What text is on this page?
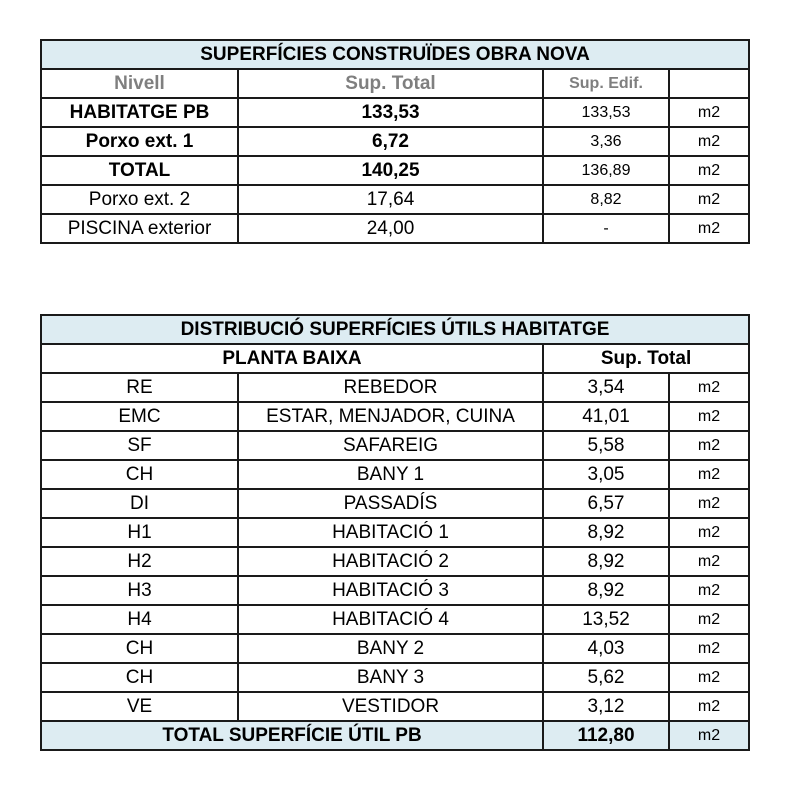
SUPERFÍCIES CONSTRUÏDES OBRA NOVA			
Nivell	Sup. Total	Sup. Edif.	
HABITATGE PB	133,53	133,53	m2
Porxo ext. 1	6,72	3,36	m2
TOTAL	140,25	136,89	m2
Porxo ext. 2	17,64	8,82	m2
PISCINA exterior	24,00	-	m2
DISTRIBUCIÓ SUPERFÍCIES ÚTILS HABITATGE			
PLANTA BAIXA		Sup. Total	
RE	REBEDOR	3,54	m2
EMC	ESTAR, MENJADOR, CUINA	41,01	m2
SF	SAFAREIG	5,58	m2
CH	BANY 1	3,05	m2
DI	PASSADÍS	6,57	m2
H1	HABITACIÓ 1	8,92	m2
H2	HABITACIÓ 2	8,92	m2
H3	HABITACIÓ 3	8,92	m2
H4	HABITACIÓ 4	13,52	m2
CH	BANY 2	4,03	m2
CH	BANY 3	5,62	m2
VE	VESTIDOR	3,12	m2
TOTAL SUPERFÍCIE ÚTIL PB		112,80	m2
